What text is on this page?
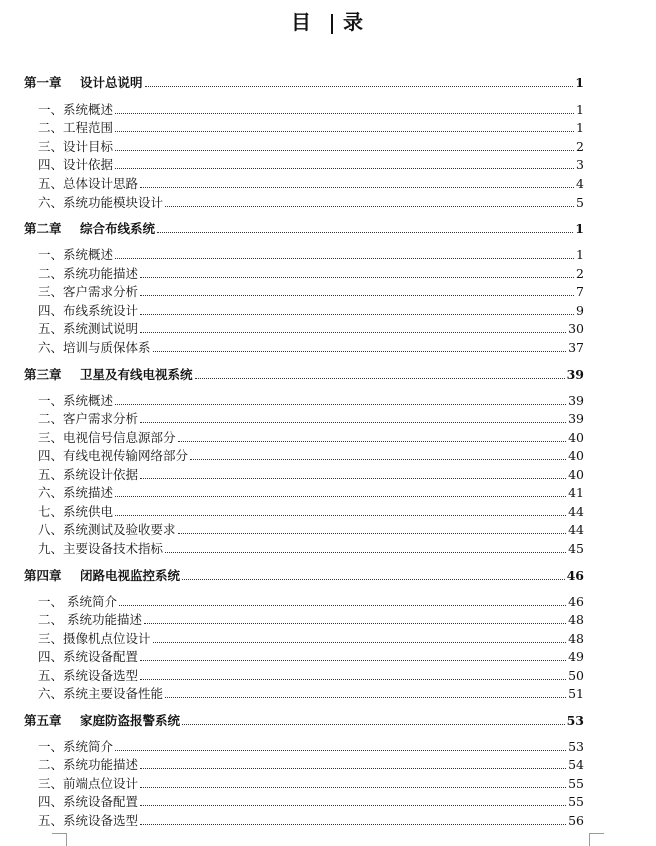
目 录
第一章 设计总说明	1
一、系统概述	1
二、工程范围	1
三、设计目标	2
四、设计依据	3
五、总体设计思路	4
六、系统功能模块设计	5
第二章 综合布线系统	1
一、系统概述	1
二、系统功能描述	2
三、客户需求分析	7
四、布线系统设计	9
五、系统测试说明	30
六、培训与质保体系	37
第三章 卫星及有线电视系统	39
一、系统概述	39
二、客户需求分析	39
三、电视信号信息源部分	40
四、有线电视传输网络部分	40
五、系统设计依据	40
六、系统描述	41
七、系统供电	44
八、系统测试及验收要求	44
九、主要设备技术指标	45
第四章 闭路电视监控系统	46
一、 系统简介	46
二、 系统功能描述	48
三、摄像机点位设计	48
四、系统设备配置	49
五、系统设备选型	50
六、系统主要设备性能	51
第五章 家庭防盗报警系统	53
一、系统简介	53
二、系统功能描述	54
三、前端点位设计	55
四、系统设备配置	55
五、系统设备选型	56
